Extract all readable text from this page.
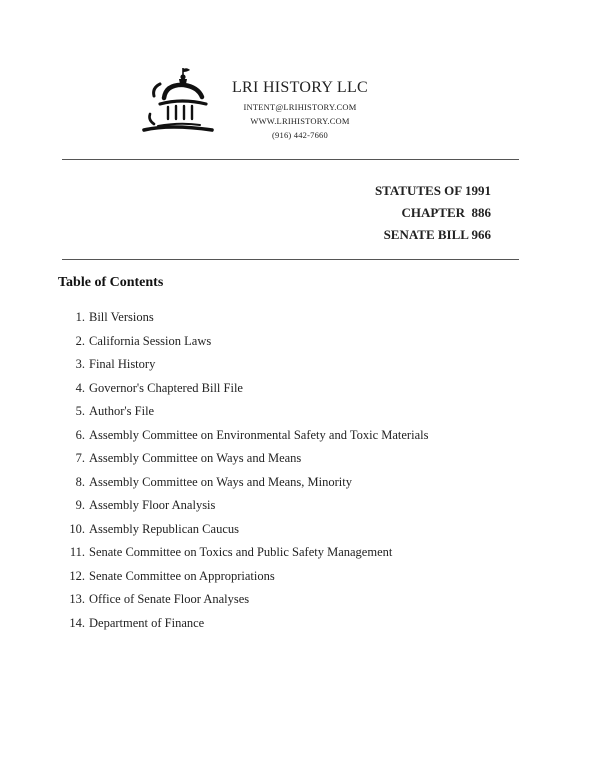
LRI HISTORY LLC
INTENT@LRIHISTORY.COM
WWW.LRIHISTORY.COM
(916) 442-7660
STATUTES OF 1991
CHAPTER  886
SENATE BILL 966
Table of Contents
1. Bill Versions
2. California Session Laws
3. Final History
4. Governor's Chaptered Bill File
5. Author's File
6. Assembly Committee on Environmental Safety and Toxic Materials
7. Assembly Committee on Ways and Means
8. Assembly Committee on Ways and Means, Minority
9. Assembly Floor Analysis
10. Assembly Republican Caucus
11. Senate Committee on Toxics and Public Safety Management
12. Senate Committee on Appropriations
13. Office of Senate Floor Analyses
14. Department of Finance
